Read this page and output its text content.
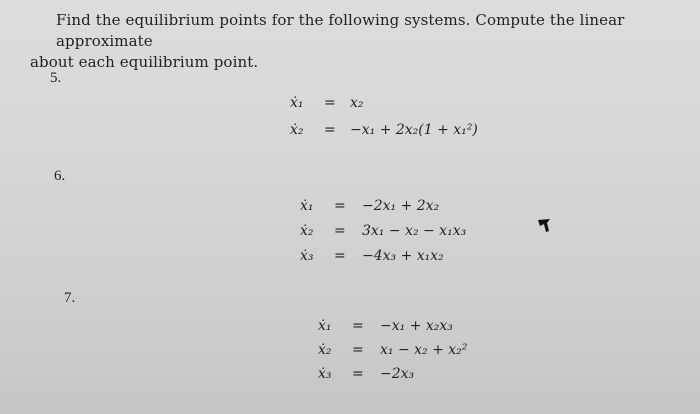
Find the equilibrium points for the following systems. Compute the linear approximate
about each equilibrium point.
5.
ẋ₁ = x₂
ẋ₂ = −x₁ + 2x₂(1 + x₁²)
6.
ẋ₁ = −2x₁ + 2x₂
ẋ₂ = 3x₁ − x₂ − x₁x₃
ẋ₃ = −4x₃ + x₁x₂
7.
ẋ₁ = −x₁ + x₂x₃
ẋ₂ = x₁ − x₂ + x₂²
ẋ₃ = −2x₃
